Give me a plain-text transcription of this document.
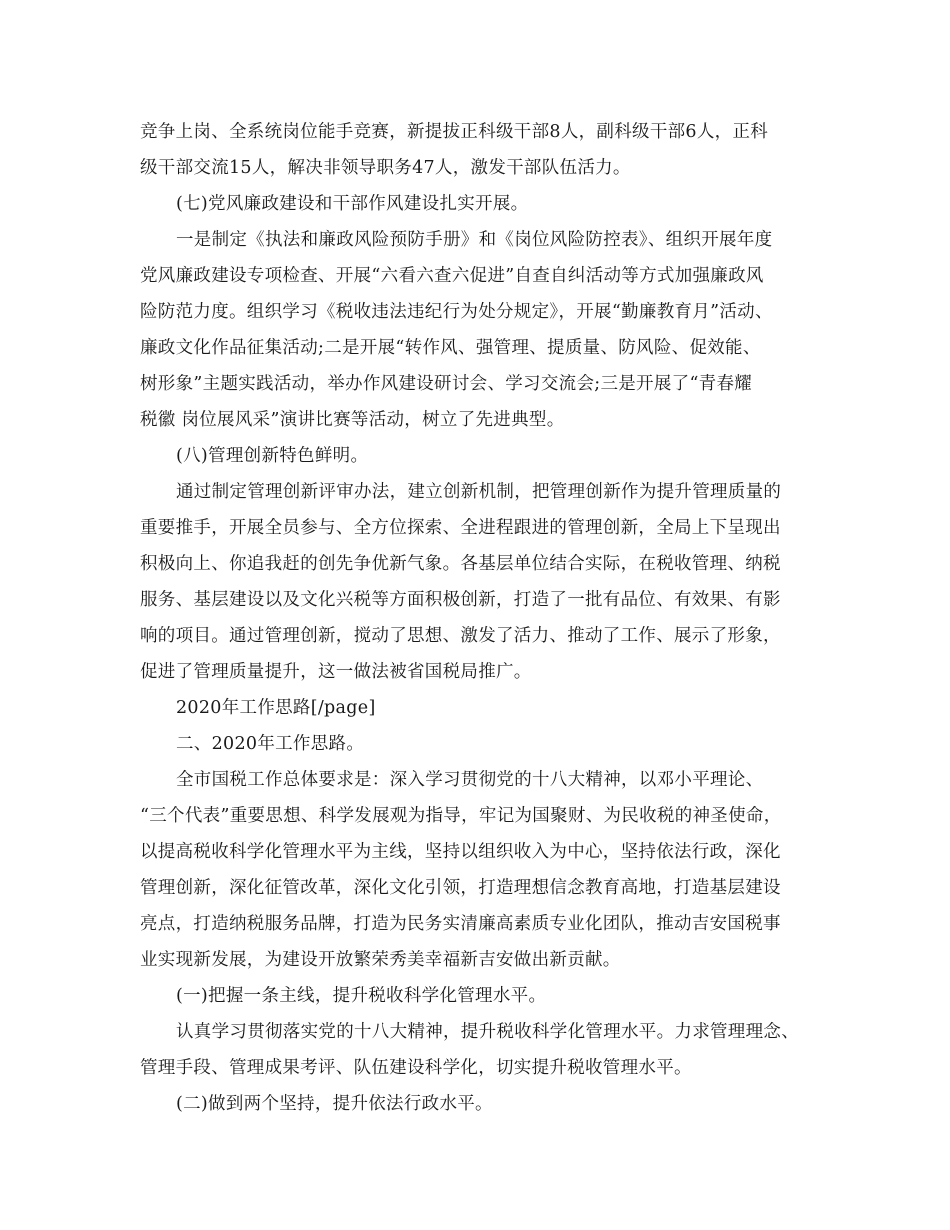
竞争上岗、全系统岗位能手竞赛，新提拔正科级干部8人，副科级干部6人，正科
级干部交流15人，解决非领导职务47人，激发干部队伍活力。
(七)党风廉政建设和干部作风建设扎实开展。
一是制定《执法和廉政风险预防手册》和《岗位风险防控表》、组织开展年度
党风廉政建设专项检查、开展“六看六查六促进”自查自纠活动等方式加强廉政风
险防范力度。组织学习《税收违法违纪行为处分规定》，开展“勤廉教育月”活动、
廉政文化作品征集活动;二是开展“转作风、强管理、提质量、防风险、促效能、
树形象”主题实践活动，举办作风建设研讨会、学习交流会;三是开展了“青春耀
税徽 岗位展风采”演讲比赛等活动，树立了先进典型。
(八)管理创新特色鲜明。
通过制定管理创新评审办法，建立创新机制，把管理创新作为提升管理质量的
重要推手，开展全员参与、全方位探索、全进程跟进的管理创新，全局上下呈现出
积极向上、你追我赶的创先争优新气象。各基层单位结合实际，在税收管理、纳税
服务、基层建设以及文化兴税等方面积极创新，打造了一批有品位、有效果、有影
响的项目。通过管理创新，搅动了思想、激发了活力、推动了工作、展示了形象，
促进了管理质量提升，这一做法被省国税局推广。
2020年工作思路[/page]
二、2020年工作思路。
全市国税工作总体要求是：深入学习贯彻党的十八大精神，以邓小平理论、
“三个代表”重要思想、科学发展观为指导，牢记为国聚财、为民收税的神圣使命，
以提高税收科学化管理水平为主线，坚持以组织收入为中心，坚持依法行政，深化
管理创新，深化征管改革，深化文化引领，打造理想信念教育高地，打造基层建设
亮点，打造纳税服务品牌，打造为民务实清廉高素质专业化团队，推动吉安国税事
业实现新发展，为建设开放繁荣秀美幸福新吉安做出新贡献。
(一)把握一条主线，提升税收科学化管理水平。
认真学习贯彻落实党的十八大精神，提升税收科学化管理水平。力求管理理念、
管理手段、管理成果考评、队伍建设科学化，切实提升税收管理水平。
(二)做到两个坚持，提升依法行政水平。
